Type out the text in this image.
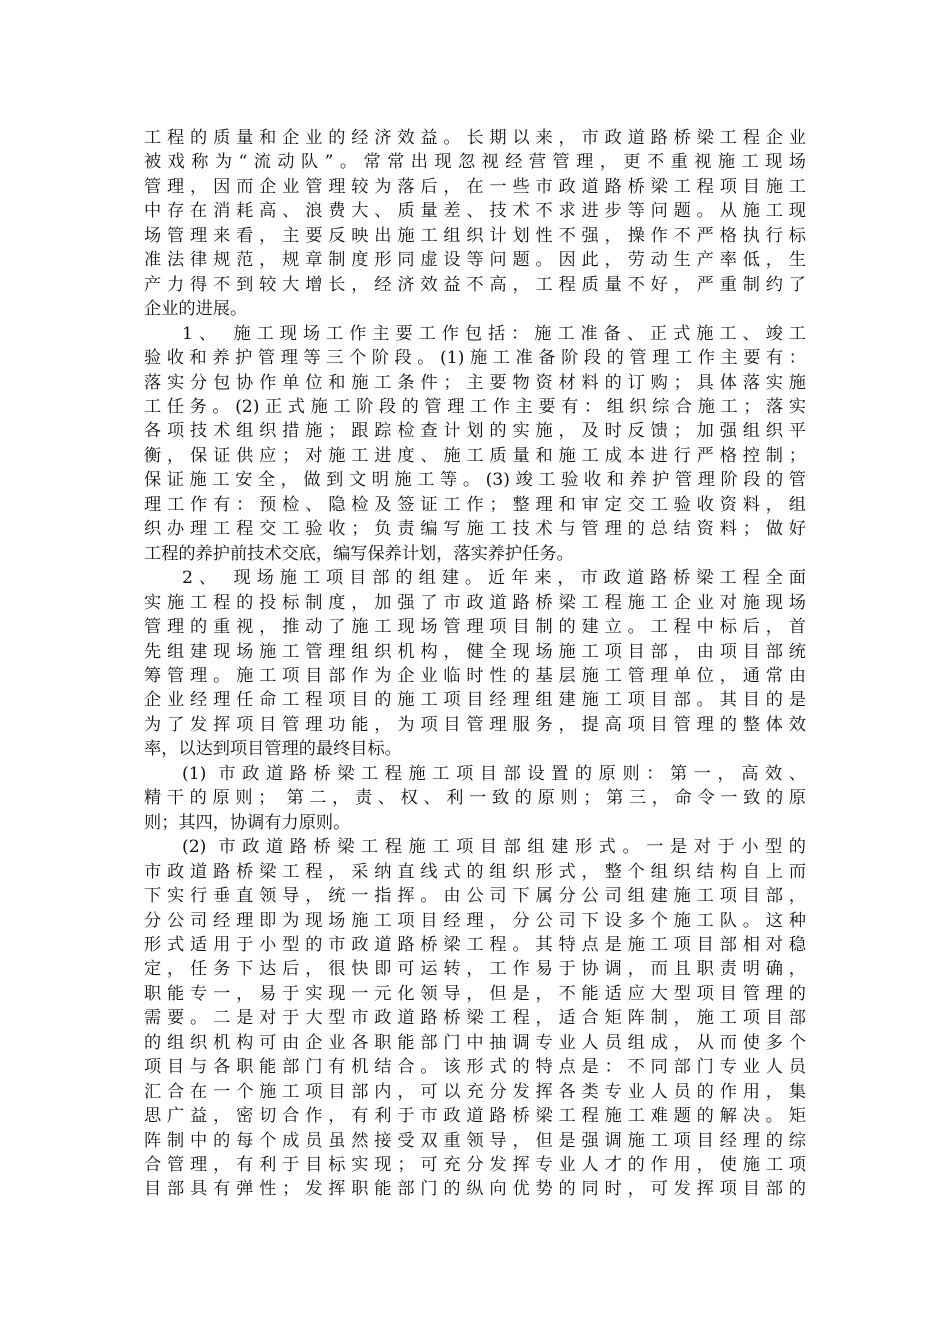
工程的质量和企业的经济效益。长期以来，市政道路桥梁工程企业
被戏称为“流动队”。常常出现忽视经营管理，更不重视施工现场
管理，因而企业管理较为落后，在一些市政道路桥梁工程项目施工
中存在消耗高、浪费大、质量差、技术不求进步等问题。从施工现
场管理来看，主要反映出施工组织计划性不强，操作不严格执行标
准法律规范，规章制度形同虚设等问题。因此，劳动生产率低，生
产力得不到较大增长，经济效益不高，工程质量不好，严重制约了
企业的进展。
1、 施工现场工作主要工作包括：施工准备、正式施工、竣工
验收和养护管理等三个阶段。(1)施工准备阶段的管理工作主要有：
落实分包协作单位和施工条件；主要物资材料的订购；具体落实施
工任务。(2)正式施工阶段的管理工作主要有：组织综合施工；落实
各项技术组织措施；跟踪检查计划的实施，及时反馈；加强组织平
衡，保证供应；对施工进度、施工质量和施工成本进行严格控制；
保证施工安全，做到文明施工等。(3)竣工验收和养护管理阶段的管
理工作有：预检、隐检及签证工作；整理和审定交工验收资料，组
织办理工程交工验收；负责编写施工技术与管理的总结资料；做好
工程的养护前技术交底，编写保养计划，落实养护任务。
2、 现场施工项目部的组建。近年来，市政道路桥梁工程全面
实施工程的投标制度，加强了市政道路桥梁工程施工企业对施现场
管理的重视，推动了施工现场管理项目制的建立。工程中标后，首
先组建现场施工管理组织机构，健全现场施工项目部，由项目部统
筹管理。施工项目部作为企业临时性的基层施工管理单位，通常由
企业经理任命工程项目的施工项目经理组建施工项目部。其目的是
为了发挥项目管理功能，为项目管理服务，提高项目管理的整体效
率，以达到项目管理的最终目标。
(1) 市政道路桥梁工程施工项目部设置的原则：第一，高效、
精干的原则； 第二，责、权、利一致的原则；第三，命令一致的原
则；其四，协调有力原则。
(2) 市政道路桥梁工程施工项目部组建形式。一是对于小型的
市政道路桥梁工程，采纳直线式的组织形式，整个组织结构自上而
下实行垂直领导，统一指挥。由公司下属分公司组建施工项目部，
分公司经理即为现场施工项目经理，分公司下设多个施工队。这种
形式适用于小型的市政道路桥梁工程。其特点是施工项目部相对稳
定，任务下达后，很快即可运转，工作易于协调，而且职责明确，
职能专一，易于实现一元化领导，但是，不能适应大型项目管理的
需要。二是对于大型市政道路桥梁工程，适合矩阵制，施工项目部
的组织机构可由企业各职能部门中抽调专业人员组成，从而使多个
项目与各职能部门有机结合。该形式的特点是：不同部门专业人员
汇合在一个施工项目部内，可以充分发挥各类专业人员的作用，集
思广益，密切合作，有利于市政道路桥梁工程施工难题的解决。矩
阵制中的每个成员虽然接受双重领导，但是强调施工项目经理的综
合管理，有利于目标实现；可充分发挥专业人才的作用，使施工项
目部具有弹性；发挥职能部门的纵向优势的同时，可发挥项目部的
